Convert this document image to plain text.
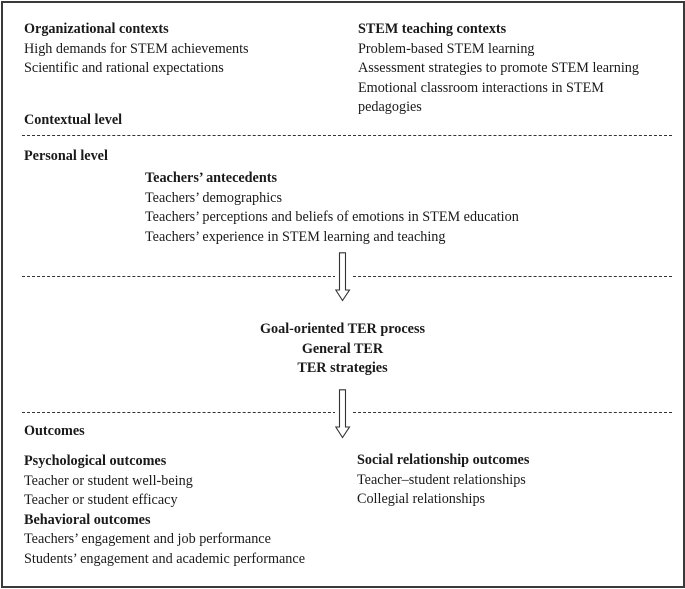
Organizational contexts
High demands for STEM achievements
Scientific and rational expectations
STEM teaching contexts
Problem-based STEM learning
Assessment strategies to promote STEM learning
Emotional classroom interactions in STEM
pedagogies
Contextual level
Personal level
Teachers’ antecedents
Teachers’ demographics
Teachers’ perceptions and beliefs of emotions in STEM education
Teachers’ experience in STEM learning and teaching
Goal-oriented TER process
General TER
TER strategies
Outcomes
Psychological outcomes
Teacher or student well-being
Teacher or student efficacy
Behavioral outcomes
Teachers’ engagement and job performance
Students’ engagement and academic performance
Social relationship outcomes
Teacher–student relationships
Collegial relationships
